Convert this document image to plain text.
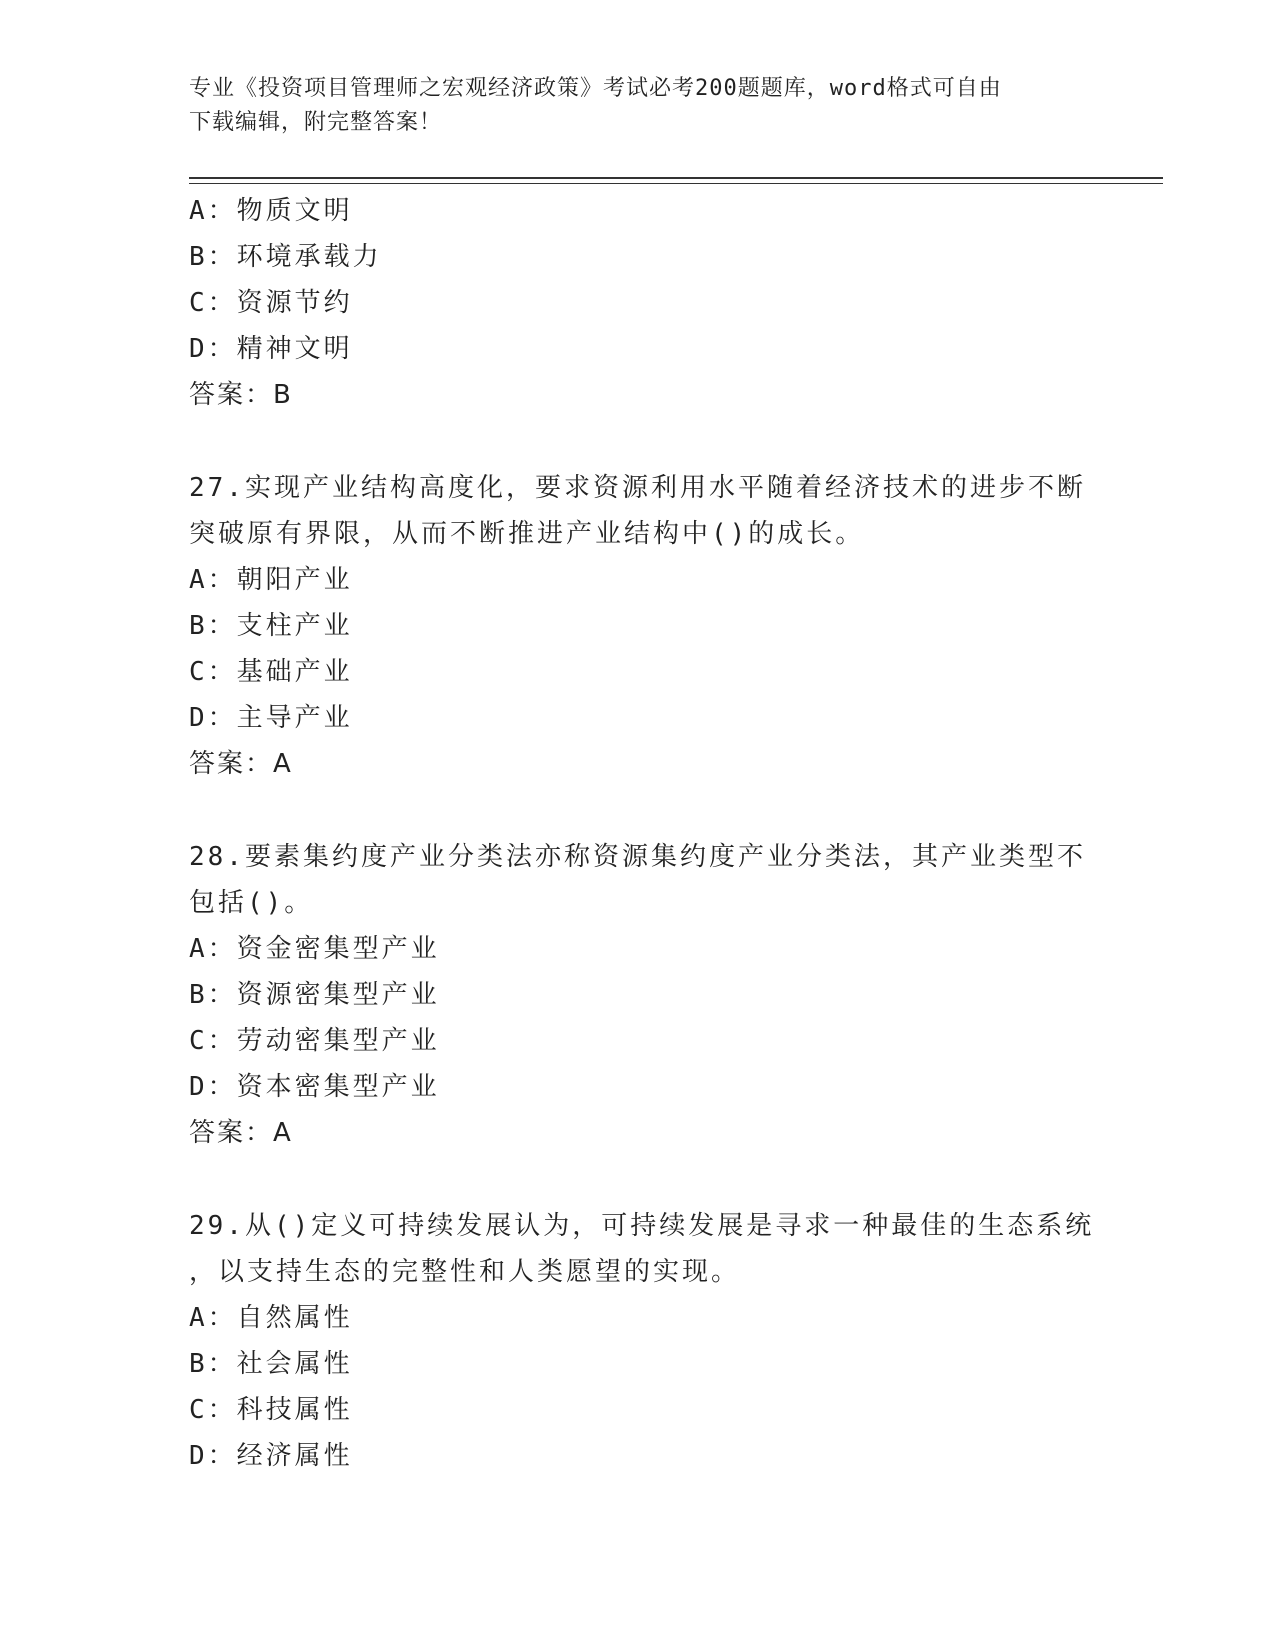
专业《投资项目管理师之宏观经济政策》考试必考200题题库，word格式可自由
下载编辑，附完整答案！
A：物质文明
B：环境承载力
C：资源节约
D：精神文明
答案：B
27.实现产业结构高度化，要求资源利用水平随着经济技术的进步不断
突破原有界限，从而不断推进产业结构中()的成长。
A：朝阳产业
B：支柱产业
C：基础产业
D：主导产业
答案：A
28.要素集约度产业分类法亦称资源集约度产业分类法，其产业类型不
包括()。
A：资金密集型产业
B：资源密集型产业
C：劳动密集型产业
D：资本密集型产业
答案：A
29.从()定义可持续发展认为，可持续发展是寻求一种最佳的生态系统
，以支持生态的完整性和人类愿望的实现。
A：自然属性
B：社会属性
C：科技属性
D：经济属性
